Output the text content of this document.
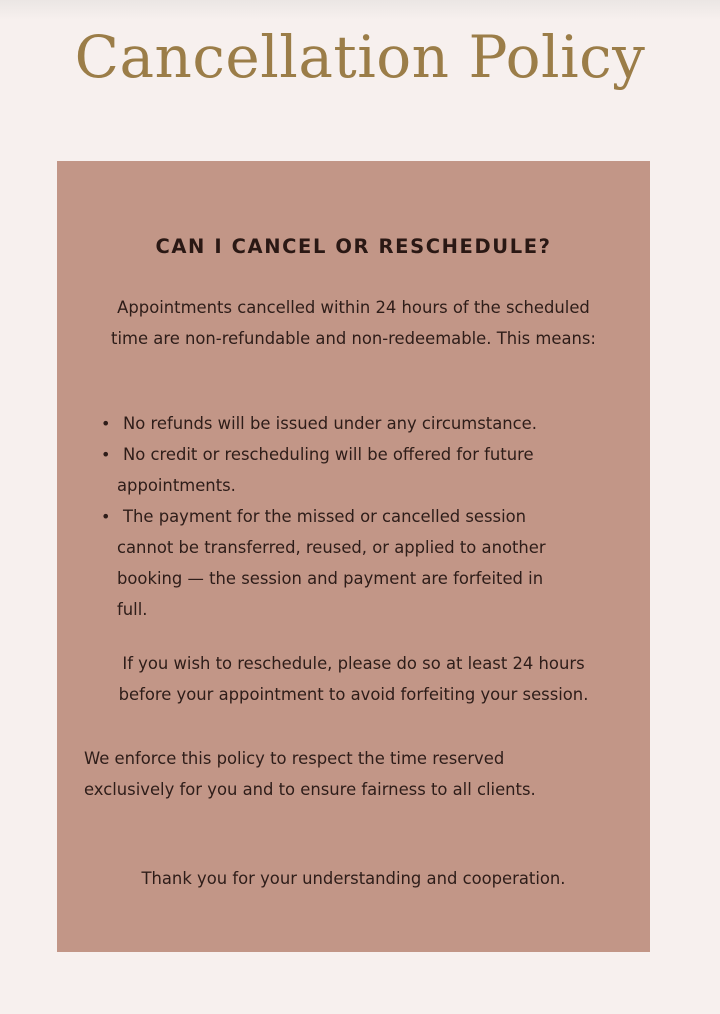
Cancellation Policy
CAN I CANCEL OR RESCHEDULE?

Appointments cancelled within 24 hours of the scheduled
time are non-refundable and non-redeemable. This means:

• No refunds will be issued under any circumstance.
• No credit or rescheduling will be offered for future
appointments.
• The payment for the missed or cancelled session
cannot be transferred, reused, or applied to another
booking — the session and payment are forfeited in
full.

If you wish to reschedule, please do so at least 24 hours
before your appointment to avoid forfeiting your session.

We enforce this policy to respect the time reserved
exclusively for you and to ensure fairness to all clients.

Thank you for your understanding and cooperation.
